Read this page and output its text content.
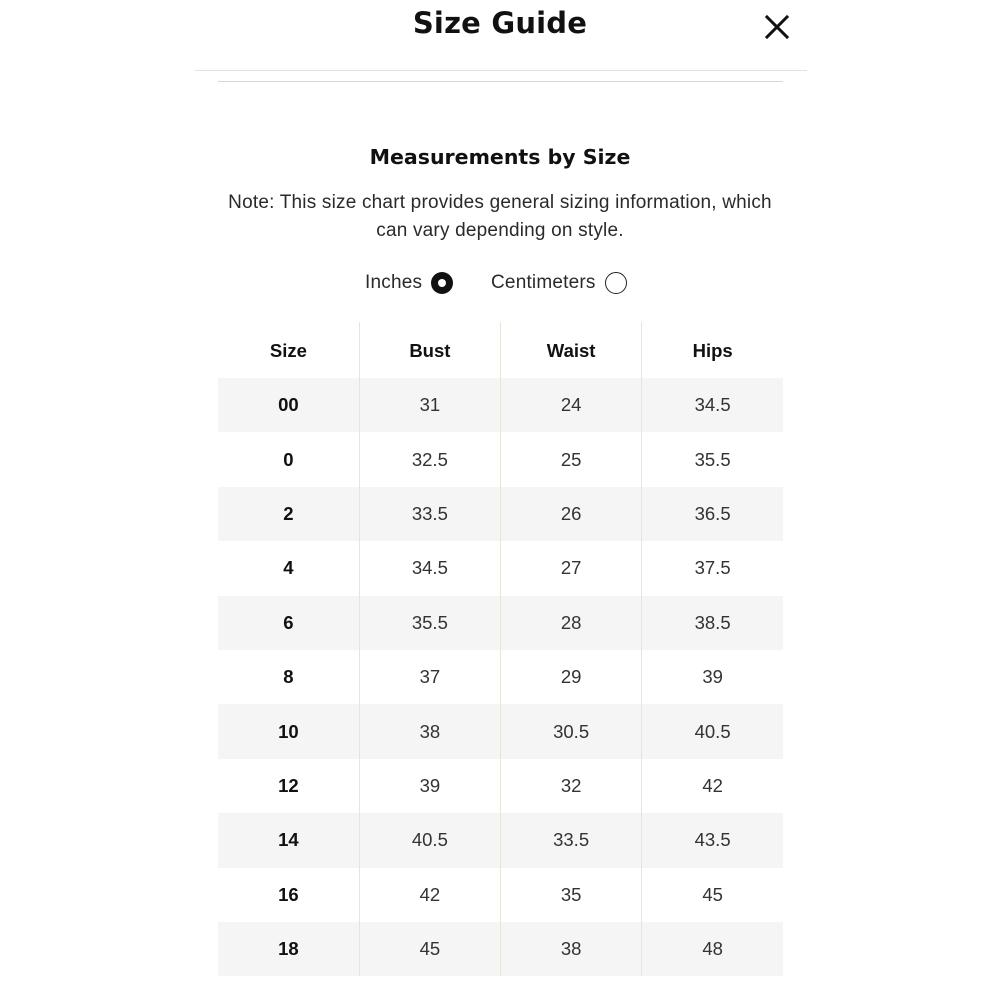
Size Guide
Measurements by Size
Note: This size chart provides general sizing information, which can vary depending on style.
Inches	Centimeters
Size	Bust	Waist	Hips
00	31	24	34.5
0	32.5	25	35.5
2	33.5	26	36.5
4	34.5	27	37.5
6	35.5	28	38.5
8	37	29	39
10	38	30.5	40.5
12	39	32	42
14	40.5	33.5	43.5
16	42	35	45
18	45	38	48
